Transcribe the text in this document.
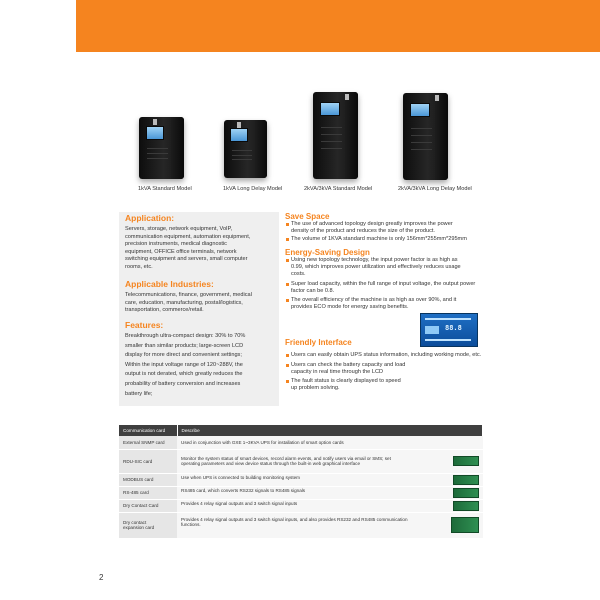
1kVA Standard Model	1kVA Long Delay Model	2kVA/3kVA Standard Model	2kVA/3kVA Long Delay Model
Application:
Servers, storage, network equipment, VoIP,
communication equipment, automation equipment,
precision instruments, medical diagnostic
equipment, OFFICE office terminals, network
switching equipment and servers, small computer
rooms, etc.
Applicable Industries:
Telecommunications, finance, government, medical
care, education, manufacturing, postal/logistics,
transportation, commerce/retail.
Features:
Breakthrough ultra-compact design: 30% to 70%
smaller than similar products; large-screen LCD
display for more direct and convenient settings;
Within the input voltage range of 120~288V, the
output is not derated, which greatly reduces the
probability of battery conversion and increases
battery life;
Save Space
The use of advanced topology design greatly improves the power
density of the product and reduces the size of the product.
The volume of 1KVA standard machine is only 156mm*255mm*295mm
Energy-Saving Design
Using new topology technology, the input power factor is as high as
0.99, which improves power utilization and effectively reduces usage
costs.
Super load capacity, within the full range of input voltage, the output power
factor can be 0.8.
The overall efficiency of the machine is as high as over 90%, and it
provides ECO mode for energy saving benefits.
88.8
Friendly Interface
Users can easily obtain UPS status information, including working mode, etc.
Users can check the battery capacity and load
capacity in real time through the LCD
The fault status is clearly displayed to speed
up problem solving.
Communication card	Describe

External SNMP card	Used in conjunction with GXE 1~3KVA UPS for installation of smart option cards

RDU-SIC card	Monitor the system status of smart devices, record alarm events, and notify users via email or SMS; set
operating parameters and view device status through the built-in web graphical interface

MODBUS card	Use when UPS is connected to building monitoring system

RS-485 card	RS485 card, which converts RS232 signals to RS485 signals

Dry Contact Card	Provides 4 relay signal outputs and 3 switch signal inputs

Dry contact
expansion card	Provides 4 relay signal outputs and 3 switch signal inputs, and also provides RS232 and RS485 communication
functions.
2
